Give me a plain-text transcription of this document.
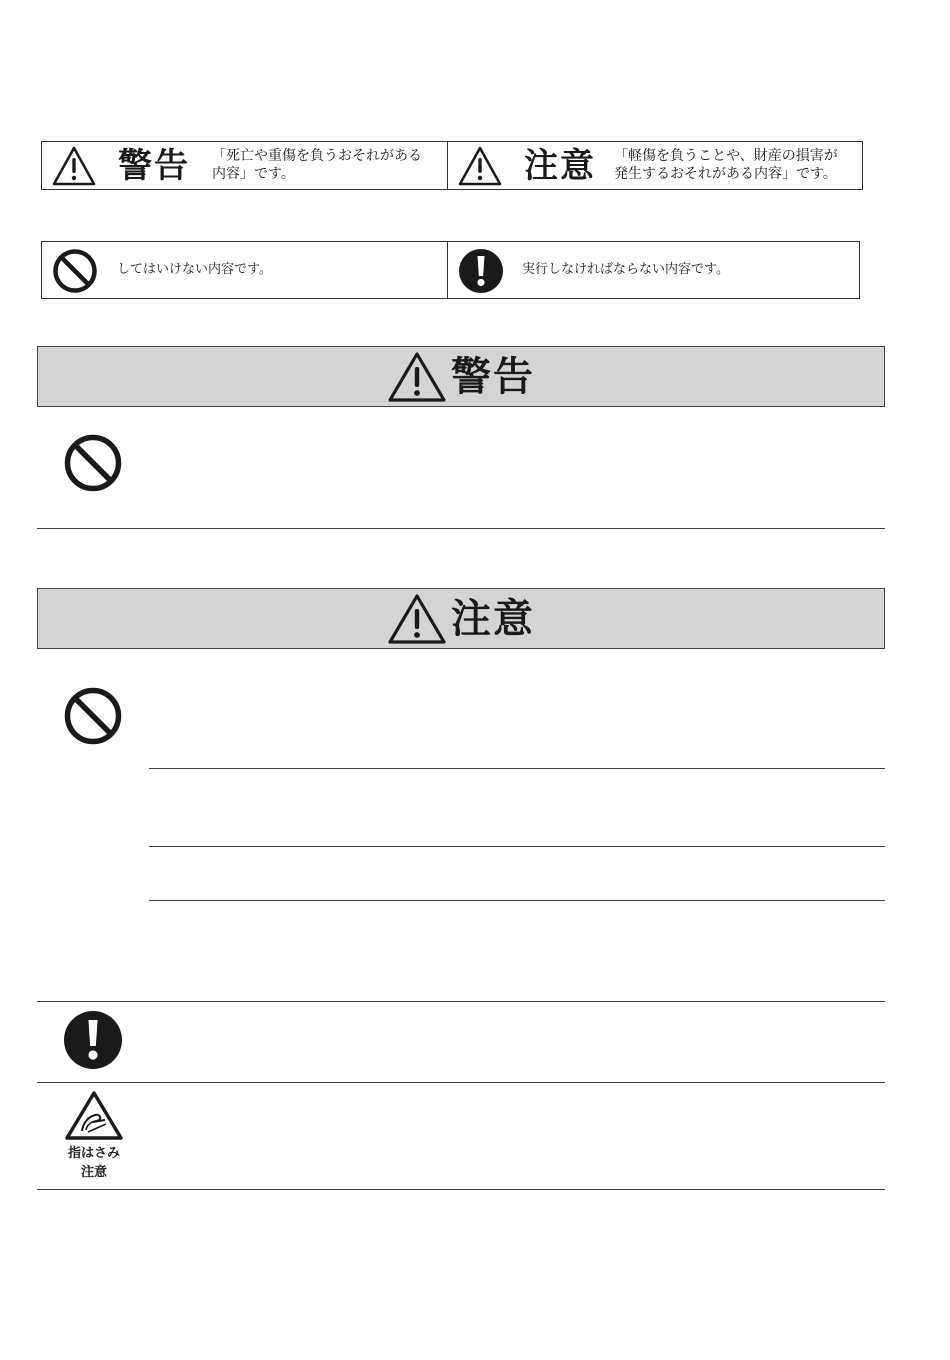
警告 「死亡や重傷を負うおそれがある
内容」です。	注意 「軽傷を負うことや、財産の損害が
発生するおそれがある内容」です。
してはいけない内容です。	実行しなければならない内容です。
警告
注意
指はさみ
注意
